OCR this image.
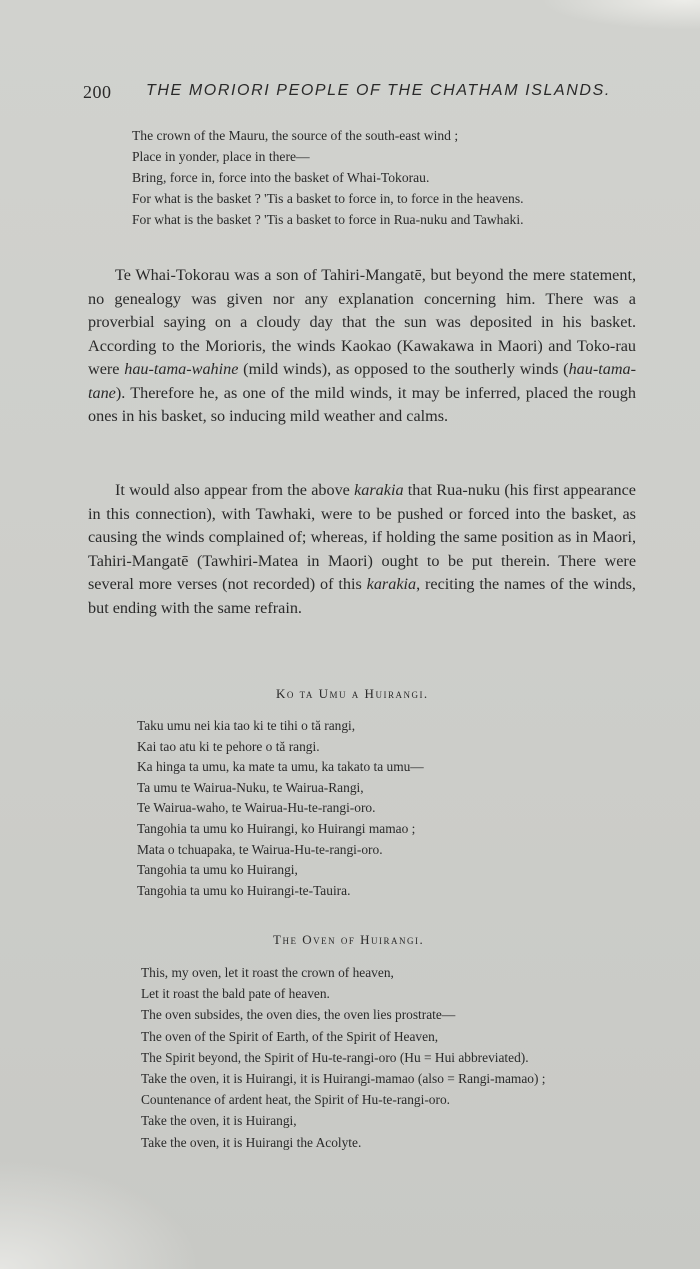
200 THE MORIORI PEOPLE OF THE CHATHAM ISLANDS.
The crown of the Mauru, the source of the south-east wind ;
Place in yonder, place in there—
Bring, force in, force into the basket of Whai-Tokorau.
For what is the basket ? 'Tis a basket to force in, to force in the heavens.
For what is the basket ? 'Tis a basket to force in Rua-nuku and Tawhaki.

Te Whai-Tokorau was a son of Tahiri-Mangatē, but beyond the mere statement, no genealogy was given nor any explanation concerning him. There was a proverbial saying on a cloudy day that the sun was deposited in his basket. According to the Morioris, the winds Kaokao (Kawakawa in Maori) and Toko-rau were hau-tama-wahine (mild winds), as opposed to the southerly winds (hau-tama-tane). Therefore he, as one of the mild winds, it may be inferred, placed the rough ones in his basket, so inducing mild weather and calms.

It would also appear from the above karakia that Rua-nuku (his first appearance in this connection), with Tawhaki, were to be pushed or forced into the basket, as causing the winds complained of; whereas, if holding the same position as in Maori, Tahiri-Mangatē (Tawhiri-Matea in Maori) ought to be put therein. There were several more verses (not recorded) of this karakia, reciting the names of the winds, but ending with the same refrain.

Ko ta Umu a Huirangi.
Taku umu nei kia tao ki te tihi o tă rangi,
Kai tao atu ki te pehore o tă rangi.
Ka hinga ta umu, ka mate ta umu, ka takato ta umu—
Ta umu te Wairua-Nuku, te Wairua-Rangi,
Te Wairua-waho, te Wairua-Hu-te-rangi-oro.
Tangohia ta umu ko Huirangi, ko Huirangi mamao ;
Mata o tchuapaka, te Wairua-Hu-te-rangi-oro.
Tangohia ta umu ko Huirangi,
Tangohia ta umu ko Huirangi-te-Tauira.
The Oven of Huirangi.
This, my oven, let it roast the crown of heaven,
Let it roast the bald pate of heaven.
The oven subsides, the oven dies, the oven lies prostrate—
The oven of the Spirit of Earth, of the Spirit of Heaven,
The Spirit beyond, the Spirit of Hu-te-rangi-oro (Hu = Hui abbreviated).
Take the oven, it is Huirangi, it is Huirangi-mamao (also = Rangi-mamao) ;
Countenance of ardent heat, the Spirit of Hu-te-rangi-oro.
Take the oven, it is Huirangi,
Take the oven, it is Huirangi the Acolyte.
